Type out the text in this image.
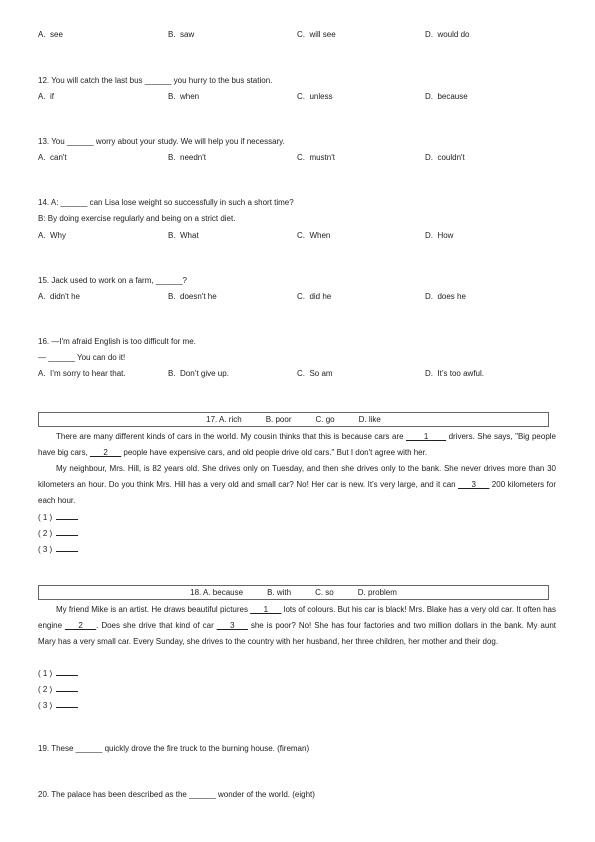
A.  see	B.  saw	C.  will see	D.  would do
12. You will catch the last bus ______ you hurry to the bus station.
A.  if	B.  when	C.  unless	D.  because
13. You ______ worry about your study. We will help you if necessary.
A.  can't	B.  needn't	C.  mustn't	D.  couldn't
14. A: ______ can Lisa lose weight so successfully in such a short time?
B: By doing exercise regularly and being on a strict diet.
A.  Why	B.  What	C.  When	D.  How
15. Jack used to work on a farm, ______?
A.  didn't he	B.  doesn't he	C.  did he	D.  does he
16. —I'm afraid English is too difficult for me.
— ______ You can do it!
A.  I’m sorry to hear that.	B.  Don’t give up.	C.  So am	D.  It’s too awful.
17. A. rich	B. poor	C. go	D. like

There are many different kinds of cars in the world. My cousin thinks that this is because cars are ____1____ drivers. She says, "Big people have big cars, ___2___ people have expensive cars, and old people drive old cars." But I don't agree with her.

My neighbour, Mrs. Hill, is 82 years old. She drives only on Tuesday, and then she drives only to the bank. She never drives more than 30 kilometers an hour. Do you think Mrs. Hill has a very old and small car? No! Her car is new. It's very large, and it can ___3___ 200 kilometers for each hour.

( 1 )
( 2 )
( 3 )
18. A. because	B. with	C. so	D. problem

My friend Mike is an artist. He draws beautiful pictures ___1___ lots of colours. But his car is black! Mrs. Blake has a very old car. It often has engine ___2___. Does she drive that kind of car ___3___ she is poor? No! She has four factories and two million dollars in the bank. My aunt Mary has a very small car. Every Sunday, she drives to the country with her husband, her three children, her mother and their dog.

( 1 )
( 2 )
( 3 )
19. These ______ quickly drove the fire truck to the burning house. (fireman)
20. The palace has been described as the ______ wonder of the world. (eight)
